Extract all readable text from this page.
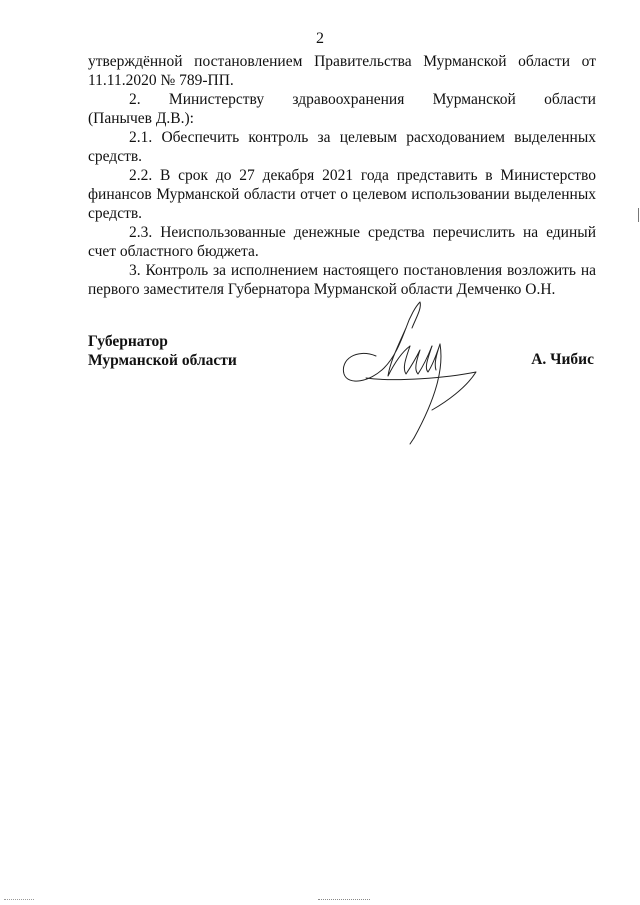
2

утверждённой постановлением Правительства Мурманской области от

11.11.2020 № 789-ПП.

2. Министерству здравоохранения Мурманской области

(Панычев Д.В.):

2.1. Обеспечить контроль за целевым расходованием выделенных средств.

2.2. В срок до 27 декабря 2021 года представить в Министерство финансов Мурманской области отчет о целевом использовании выделенных средств.

2.3. Неиспользованные денежные средства перечислить на единый счет областного бюджета.

3. Контроль за исполнением настоящего постановления возложить на первого заместителя Губернатора Мурманской области Демченко О.Н.

Губернатор
Мурманской области	А. Чибис
